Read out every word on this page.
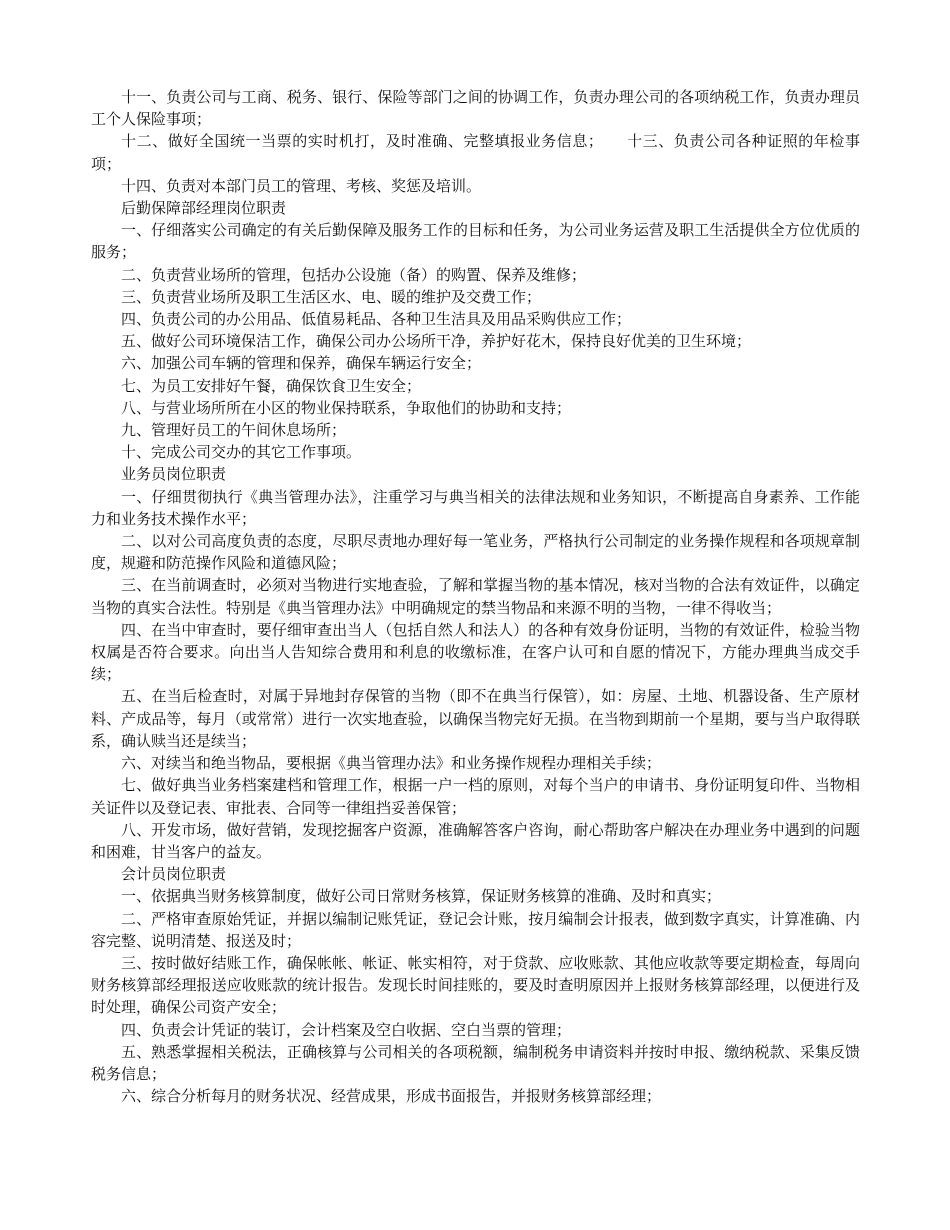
十一、负责公司与工商、税务、银行、保险等部门之间的协调工作，负责办理公司的各项纳税工作，负责办理员工个人保险事项；

十二、做好全国统一当票的实时机打，及时准确、完整填报业务信息；　　十三、负责公司各种证照的年检事项；

十四、负责对本部门员工的管理、考核、奖惩及培训。

后勤保障部经理岗位职责

一、仔细落实公司确定的有关后勤保障及服务工作的目标和任务，为公司业务运营及职工生活提供全方位优质的服务；

二、负责营业场所的管理，包括办公设施（备）的购置、保养及维修；

三、负责营业场所及职工生活区水、电、暖的维护及交费工作；

四、负责公司的办公用品、低值易耗品、各种卫生洁具及用品采购供应工作；

五、做好公司环境保洁工作，确保公司办公场所干净，养护好花木，保持良好优美的卫生环境；

六、加强公司车辆的管理和保养，确保车辆运行安全；

七、为员工安排好午餐，确保饮食卫生安全；

八、与营业场所所在小区的物业保持联系，争取他们的协助和支持；

九、管理好员工的午间休息场所；

十、完成公司交办的其它工作事项。

业务员岗位职责

一、仔细贯彻执行《典当管理办法》，注重学习与典当相关的法律法规和业务知识，不断提高自身素养、工作能力和业务技术操作水平；

二、以对公司高度负责的态度，尽职尽责地办理好每一笔业务，严格执行公司制定的业务操作规程和各项规章制度，规避和防范操作风险和道德风险；

三、在当前调查时，必须对当物进行实地查验，了解和掌握当物的基本情况，核对当物的合法有效证件，以确定当物的真实合法性。特别是《典当管理办法》中明确规定的禁当物品和来源不明的当物，一律不得收当；

四、在当中审查时，要仔细审查出当人（包括自然人和法人）的各种有效身份证明，当物的有效证件，检验当物权属是否符合要求。向出当人告知综合费用和利息的收缴标准，在客户认可和自愿的情况下，方能办理典当成交手续；

五、在当后检查时，对属于异地封存保管的当物（即不在典当行保管），如：房屋、土地、机器设备、生产原材料、产成品等，每月（或常常）进行一次实地查验，以确保当物完好无损。在当物到期前一个星期，要与当户取得联系，确认赎当还是续当；

六、对续当和绝当物品，要根据《典当管理办法》和业务操作规程办理相关手续；

七、做好典当业务档案建档和管理工作，根据一户一档的原则，对每个当户的申请书、身份证明复印件、当物相关证件以及登记表、审批表、合同等一律组挡妥善保管；

八、开发市场，做好营销，发现挖掘客户资源，准确解答客户咨询，耐心帮助客户解决在办理业务中遇到的问题和困难，甘当客户的益友。

会计员岗位职责

一、依据典当财务核算制度，做好公司日常财务核算，保证财务核算的准确、及时和真实；

二、严格审查原始凭证，并据以编制记账凭证，登记会计账，按月编制会计报表，做到数字真实，计算准确、内容完整、说明清楚、报送及时；

三、按时做好结账工作，确保帐帐、帐证、帐实相符，对于贷款、应收账款、其他应收款等要定期检查，每周向财务核算部经理报送应收账款的统计报告。发现长时间挂账的，要及时查明原因并上报财务核算部经理，以便进行及时处理，确保公司资产安全；

四、负责会计凭证的装订，会计档案及空白收据、空白当票的管理；

五、熟悉掌握相关税法，正确核算与公司相关的各项税额，编制税务申请资料并按时申报、缴纳税款、采集反馈税务信息；

六、综合分析每月的财务状况、经营成果，形成书面报告，并报财务核算部经理；
